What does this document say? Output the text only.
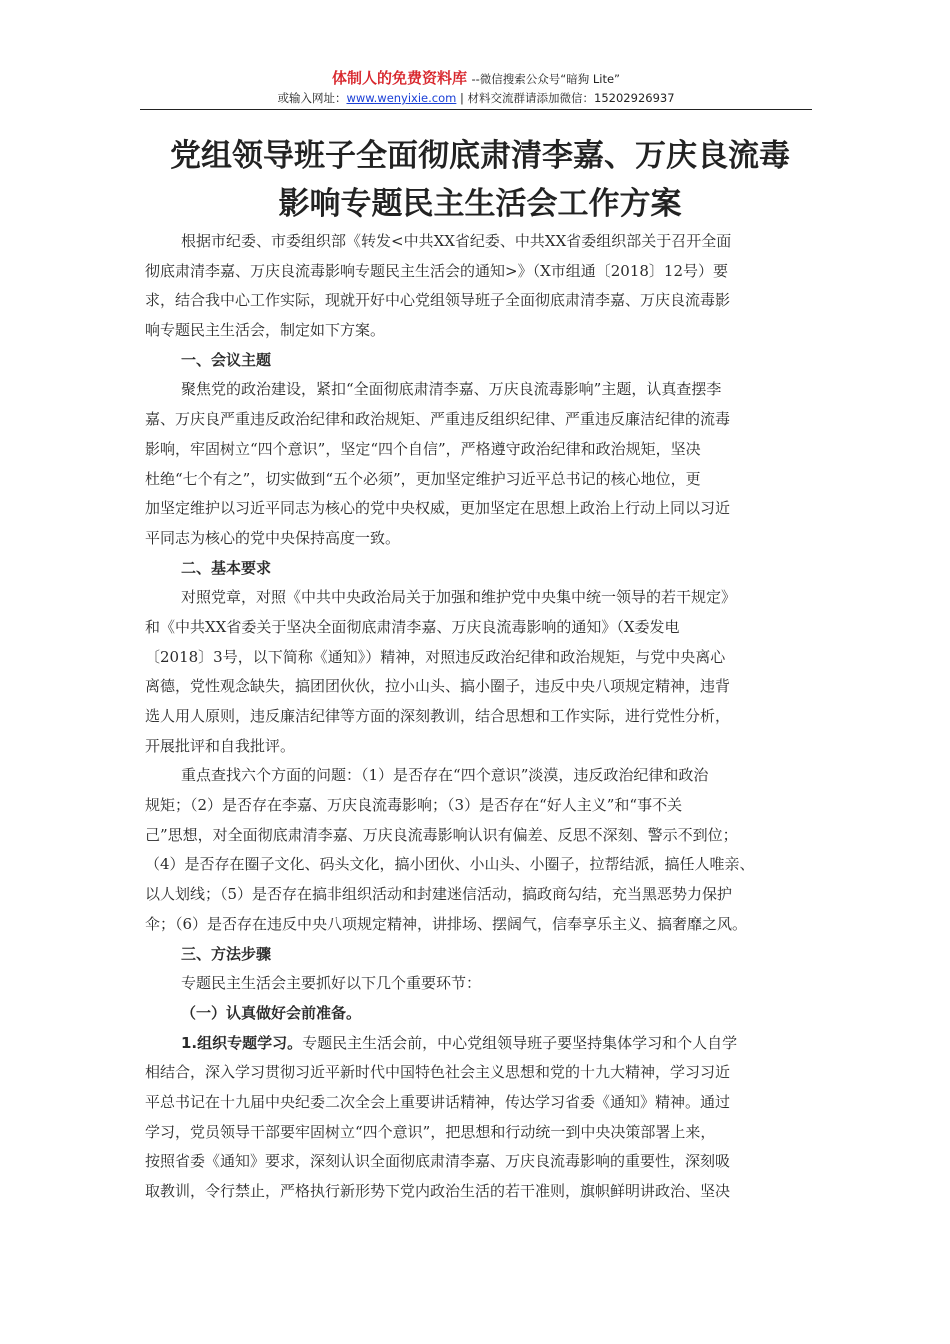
体制人的免费资料库 --微信搜索公众号“暗狗 Lite”
或输入网址：www.wenyixie.com | 材料交流群请添加微信：15202926937
党组领导班子全面彻底肃清李嘉、万庆良流毒
影响专题民主生活会工作方案
根据市纪委、市委组织部《转发<中共XX省纪委、中共XX省委组织部关于召开全面
彻底肃清李嘉、万庆良流毒影响专题民主生活会的通知>》（X市组通〔2018〕12号）要
求，结合我中心工作实际，现就开好中心党组领导班子全面彻底肃清李嘉、万庆良流毒影
响专题民主生活会，制定如下方案。
一、会议主题
聚焦党的政治建设，紧扣“全面彻底肃清李嘉、万庆良流毒影响”主题，认真查摆李
嘉、万庆良严重违反政治纪律和政治规矩、严重违反组织纪律、严重违反廉洁纪律的流毒
影响，牢固树立“四个意识”，坚定“四个自信”，严格遵守政治纪律和政治规矩，坚决
杜绝“七个有之”，切实做到“五个必须”，更加坚定维护习近平总书记的核心地位，更
加坚定维护以习近平同志为核心的党中央权威，更加坚定在思想上政治上行动上同以习近
平同志为核心的党中央保持高度一致。
二、基本要求
对照党章，对照《中共中央政治局关于加强和维护党中央集中统一领导的若干规定》
和《中共XX省委关于坚决全面彻底肃清李嘉、万庆良流毒影响的通知》（X委发电
〔2018〕3号，以下简称《通知》）精神，对照违反政治纪律和政治规矩，与党中央离心
离德，党性观念缺失，搞团团伙伙，拉小山头、搞小圈子，违反中央八项规定精神，违背
选人用人原则，违反廉洁纪律等方面的深刻教训，结合思想和工作实际，进行党性分析，
开展批评和自我批评。
重点查找六个方面的问题：（1）是否存在“四个意识”淡漠，违反政治纪律和政治
规矩；（2）是否存在李嘉、万庆良流毒影响；（3）是否存在“好人主义”和“事不关
己”思想，对全面彻底肃清李嘉、万庆良流毒影响认识有偏差、反思不深刻、警示不到位；
（4）是否存在圈子文化、码头文化，搞小团伙、小山头、小圈子，拉帮结派，搞任人唯亲、
以人划线；（5）是否存在搞非组织活动和封建迷信活动，搞政商勾结，充当黑恶势力保护
伞；（6）是否存在违反中央八项规定精神，讲排场、摆阔气，信奉享乐主义、搞奢靡之风。
三、方法步骤
专题民主生活会主要抓好以下几个重要环节：
（一）认真做好会前准备。
1.组织专题学习。专题民主生活会前，中心党组领导班子要坚持集体学习和个人自学
相结合，深入学习贯彻习近平新时代中国特色社会主义思想和党的十九大精神，学习习近
平总书记在十九届中央纪委二次全会上重要讲话精神，传达学习省委《通知》精神。通过
学习，党员领导干部要牢固树立“四个意识”，把思想和行动统一到中央决策部署上来，
按照省委《通知》要求，深刻认识全面彻底肃清李嘉、万庆良流毒影响的重要性，深刻吸
取教训，令行禁止，严格执行新形势下党内政治生活的若干准则，旗帜鲜明讲政治、坚决
